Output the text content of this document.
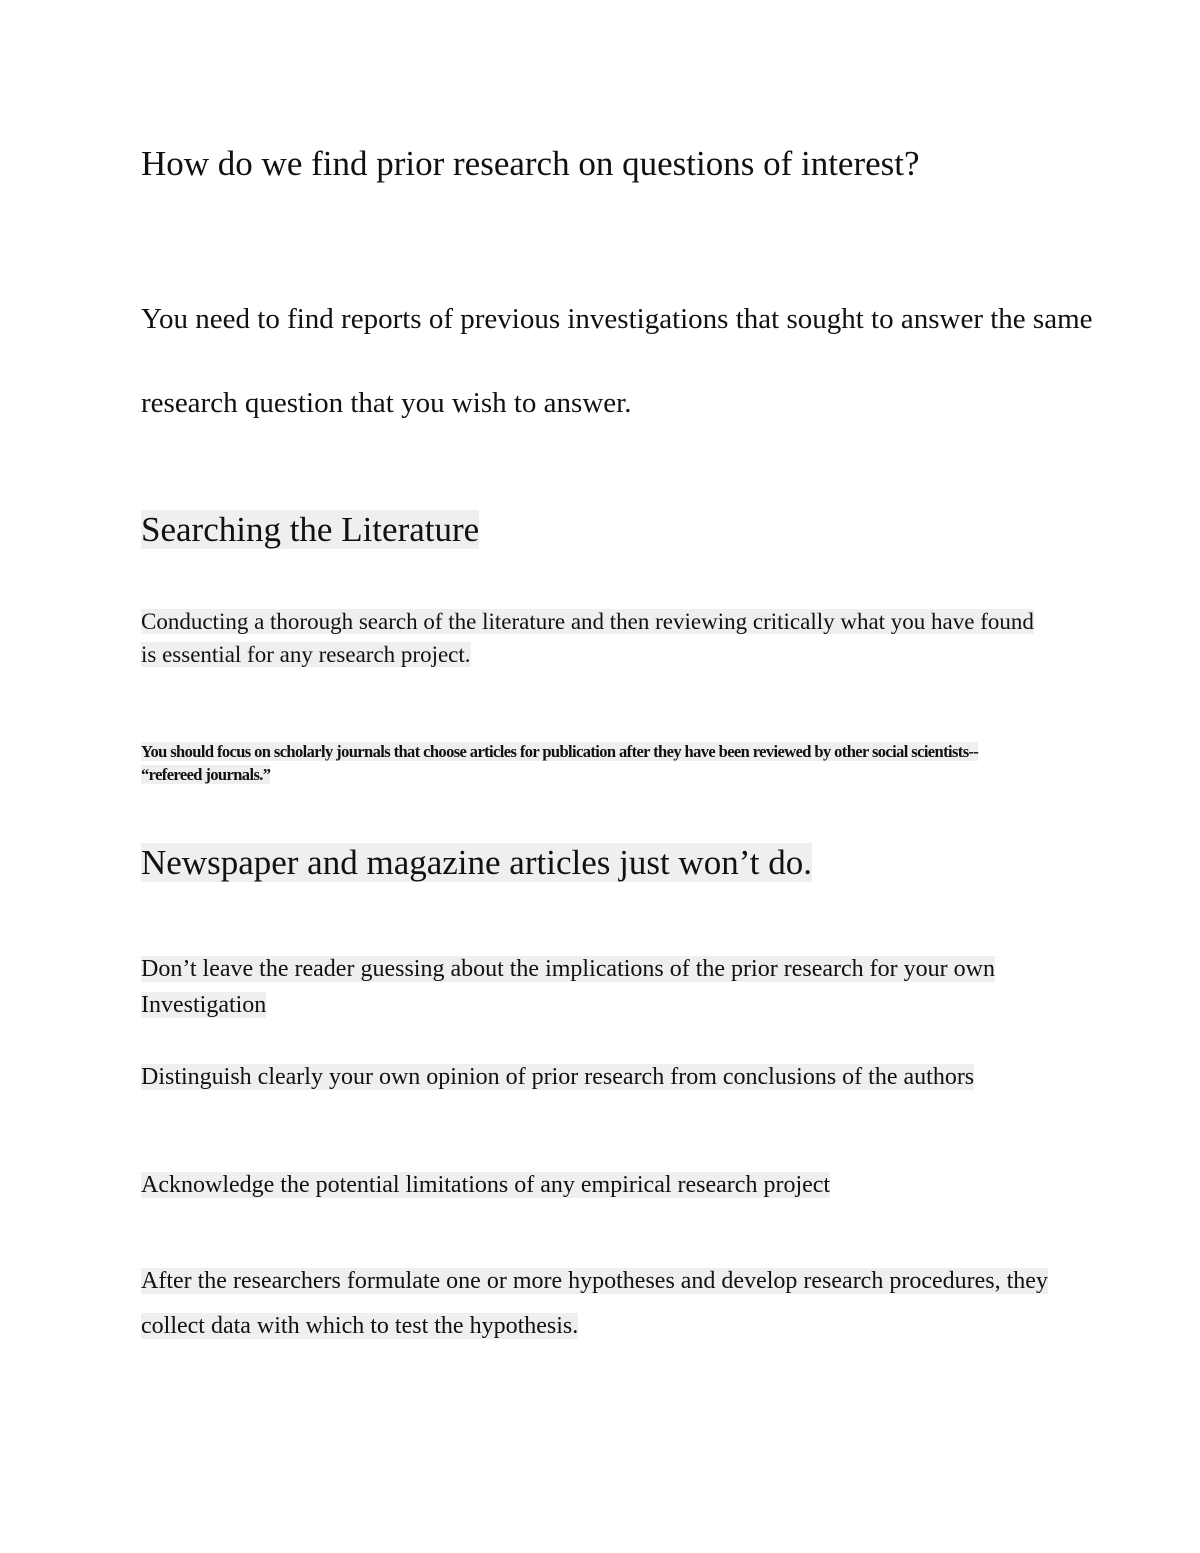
How do we find prior research on questions of interest?

You need to find reports of previous investigations that sought to answer the same
research question that you wish to answer.

Searching the Literature

Conducting a thorough search of the literature and then reviewing critically what you have found
is essential for any research project.

You should focus on scholarly journals that choose articles for publication after they have been reviewed by other social scientists--
“refereed journals.”

Newspaper and magazine articles just won’t do.

Don’t leave the reader guessing about the implications of the prior research for your own
Investigation

Distinguish clearly your own opinion of prior research from conclusions of the authors

Acknowledge the potential limitations of any empirical research project

After the researchers formulate one or more hypotheses and develop research procedures, they
collect data with which to test the hypothesis.
